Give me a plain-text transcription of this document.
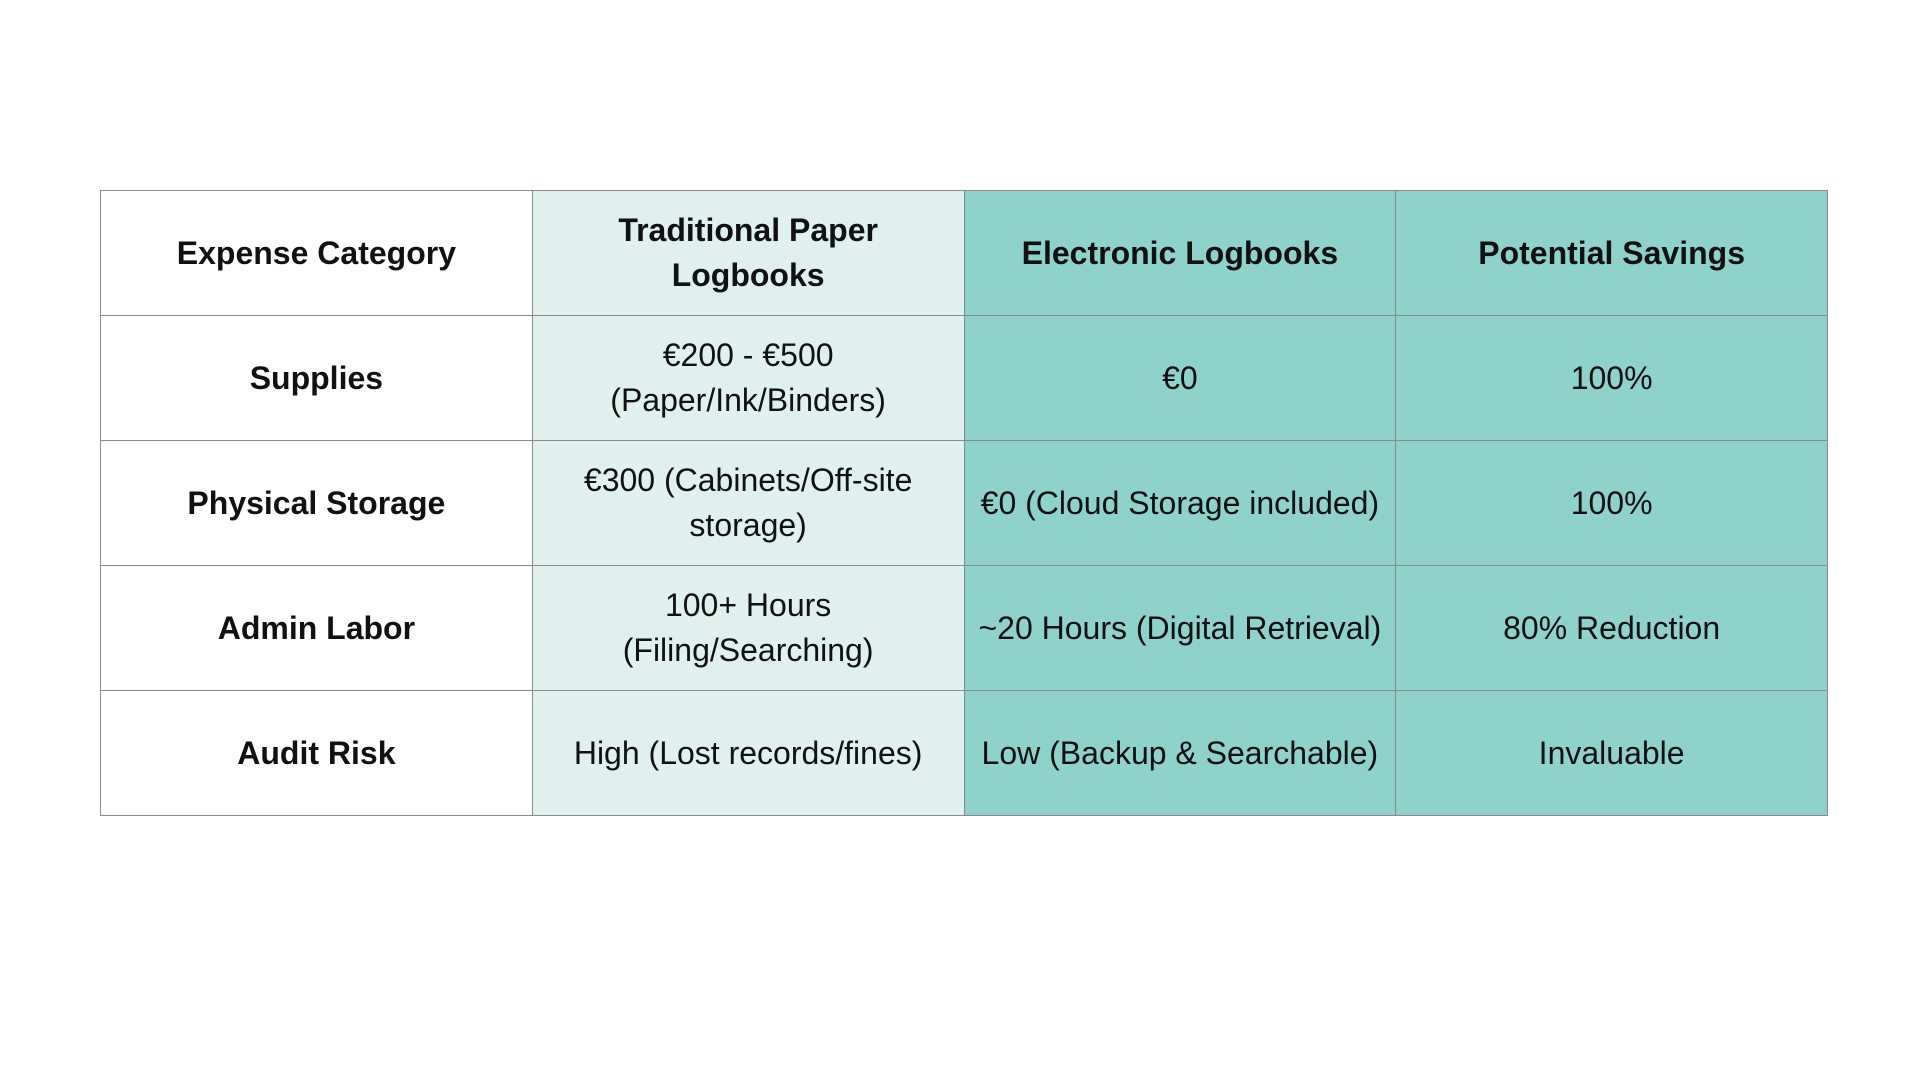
Expense Category	Traditional Paper Logbooks	Electronic Logbooks	Potential Savings
Supplies	€200 - €500 (Paper/Ink/Binders)	€0	100%
Physical Storage	€300 (Cabinets/Off-site storage)	€0 (Cloud Storage included)	100%
Admin Labor	100+ Hours (Filing/Searching)	~20 Hours (Digital Retrieval)	80% Reduction
Audit Risk	High (Lost records/fines)	Low (Backup & Searchable)	Invaluable
